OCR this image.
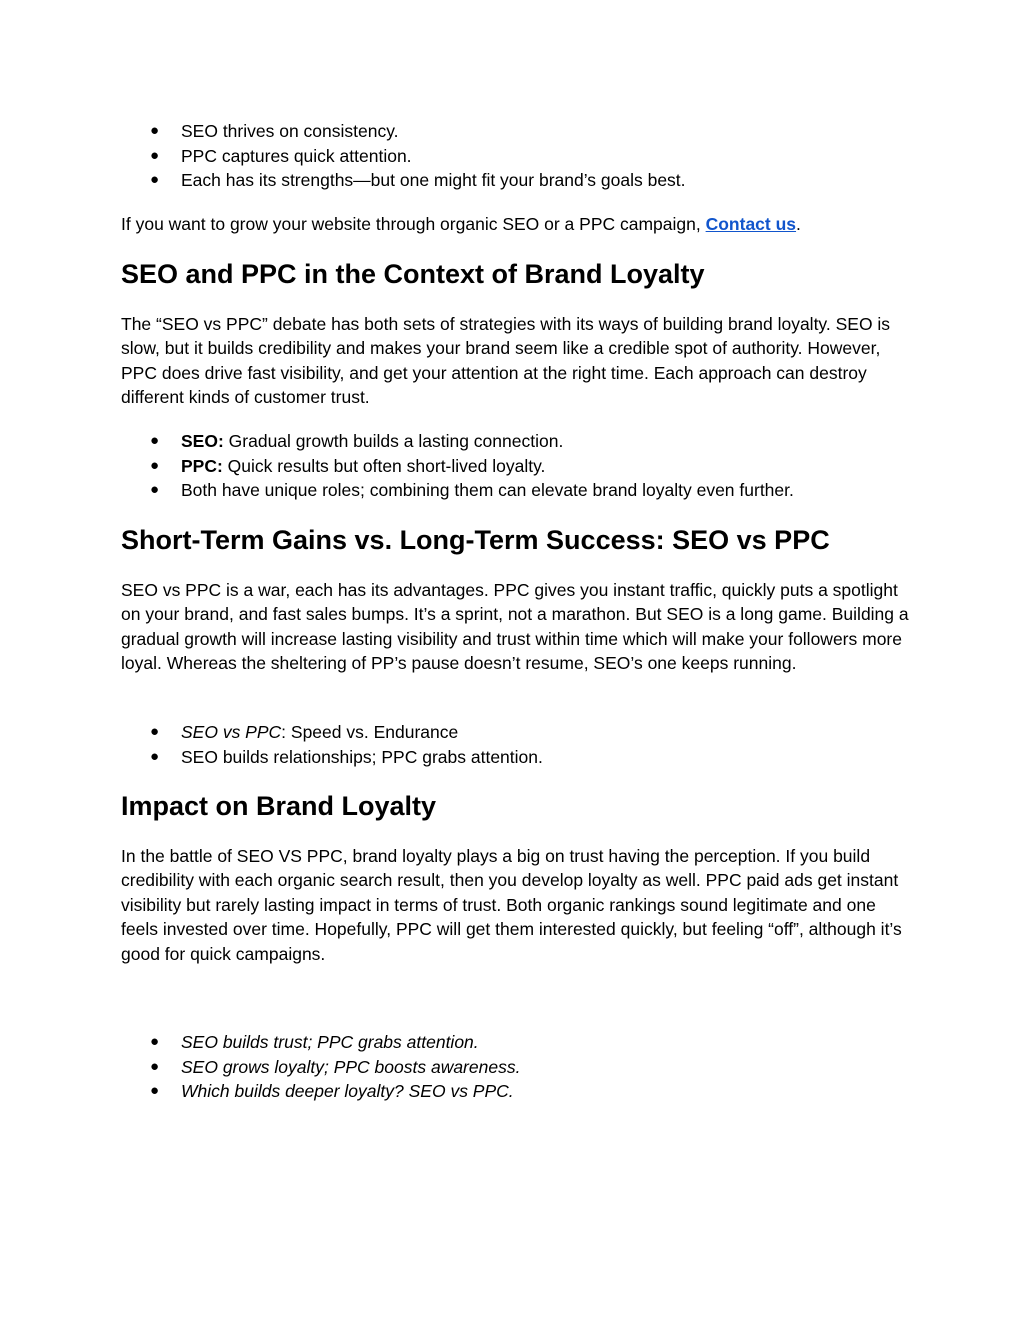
● SEO thrives on consistency.
● PPC captures quick attention.
● Each has its strengths—but one might fit your brand’s goals best.

If you want to grow your website through organic SEO or a PPC campaign, Contact us.

SEO and PPC in the Context of Brand Loyalty

The “SEO vs PPC” debate has both sets of strategies with its ways of building brand loyalty. SEO is slow, but it builds credibility and makes your brand seem like a credible spot of authority. However, PPC does drive fast visibility, and get your attention at the right time. Each approach can destroy different kinds of customer trust.

● SEO: Gradual growth builds a lasting connection.
● PPC: Quick results but often short-lived loyalty.
● Both have unique roles; combining them can elevate brand loyalty even further.
Short-Term Gains vs. Long-Term Success: SEO vs PPC

SEO vs PPC is a war, each has its advantages. PPC gives you instant traffic, quickly puts a spotlight on your brand, and fast sales bumps. It’s a sprint, not a marathon. But SEO is a long game. Building a gradual growth will increase lasting visibility and trust within time which will make your followers more loyal. Whereas the sheltering of PP’s pause doesn’t resume, SEO’s one keeps running.

● SEO vs PPC: Speed vs. Endurance
● SEO builds relationships; PPC grabs attention.
Impact on Brand Loyalty

In the battle of SEO VS PPC, brand loyalty plays a big on trust having the perception. If you build credibility with each organic search result, then you develop loyalty as well. PPC paid ads get instant visibility but rarely lasting impact in terms of trust. Both organic rankings sound legitimate and one feels invested over time. Hopefully, PPC will get them interested quickly, but feeling “off”, although it’s good for quick campaigns.

● SEO builds trust; PPC grabs attention.
● SEO grows loyalty; PPC boosts awareness.
● Which builds deeper loyalty? SEO vs PPC.
